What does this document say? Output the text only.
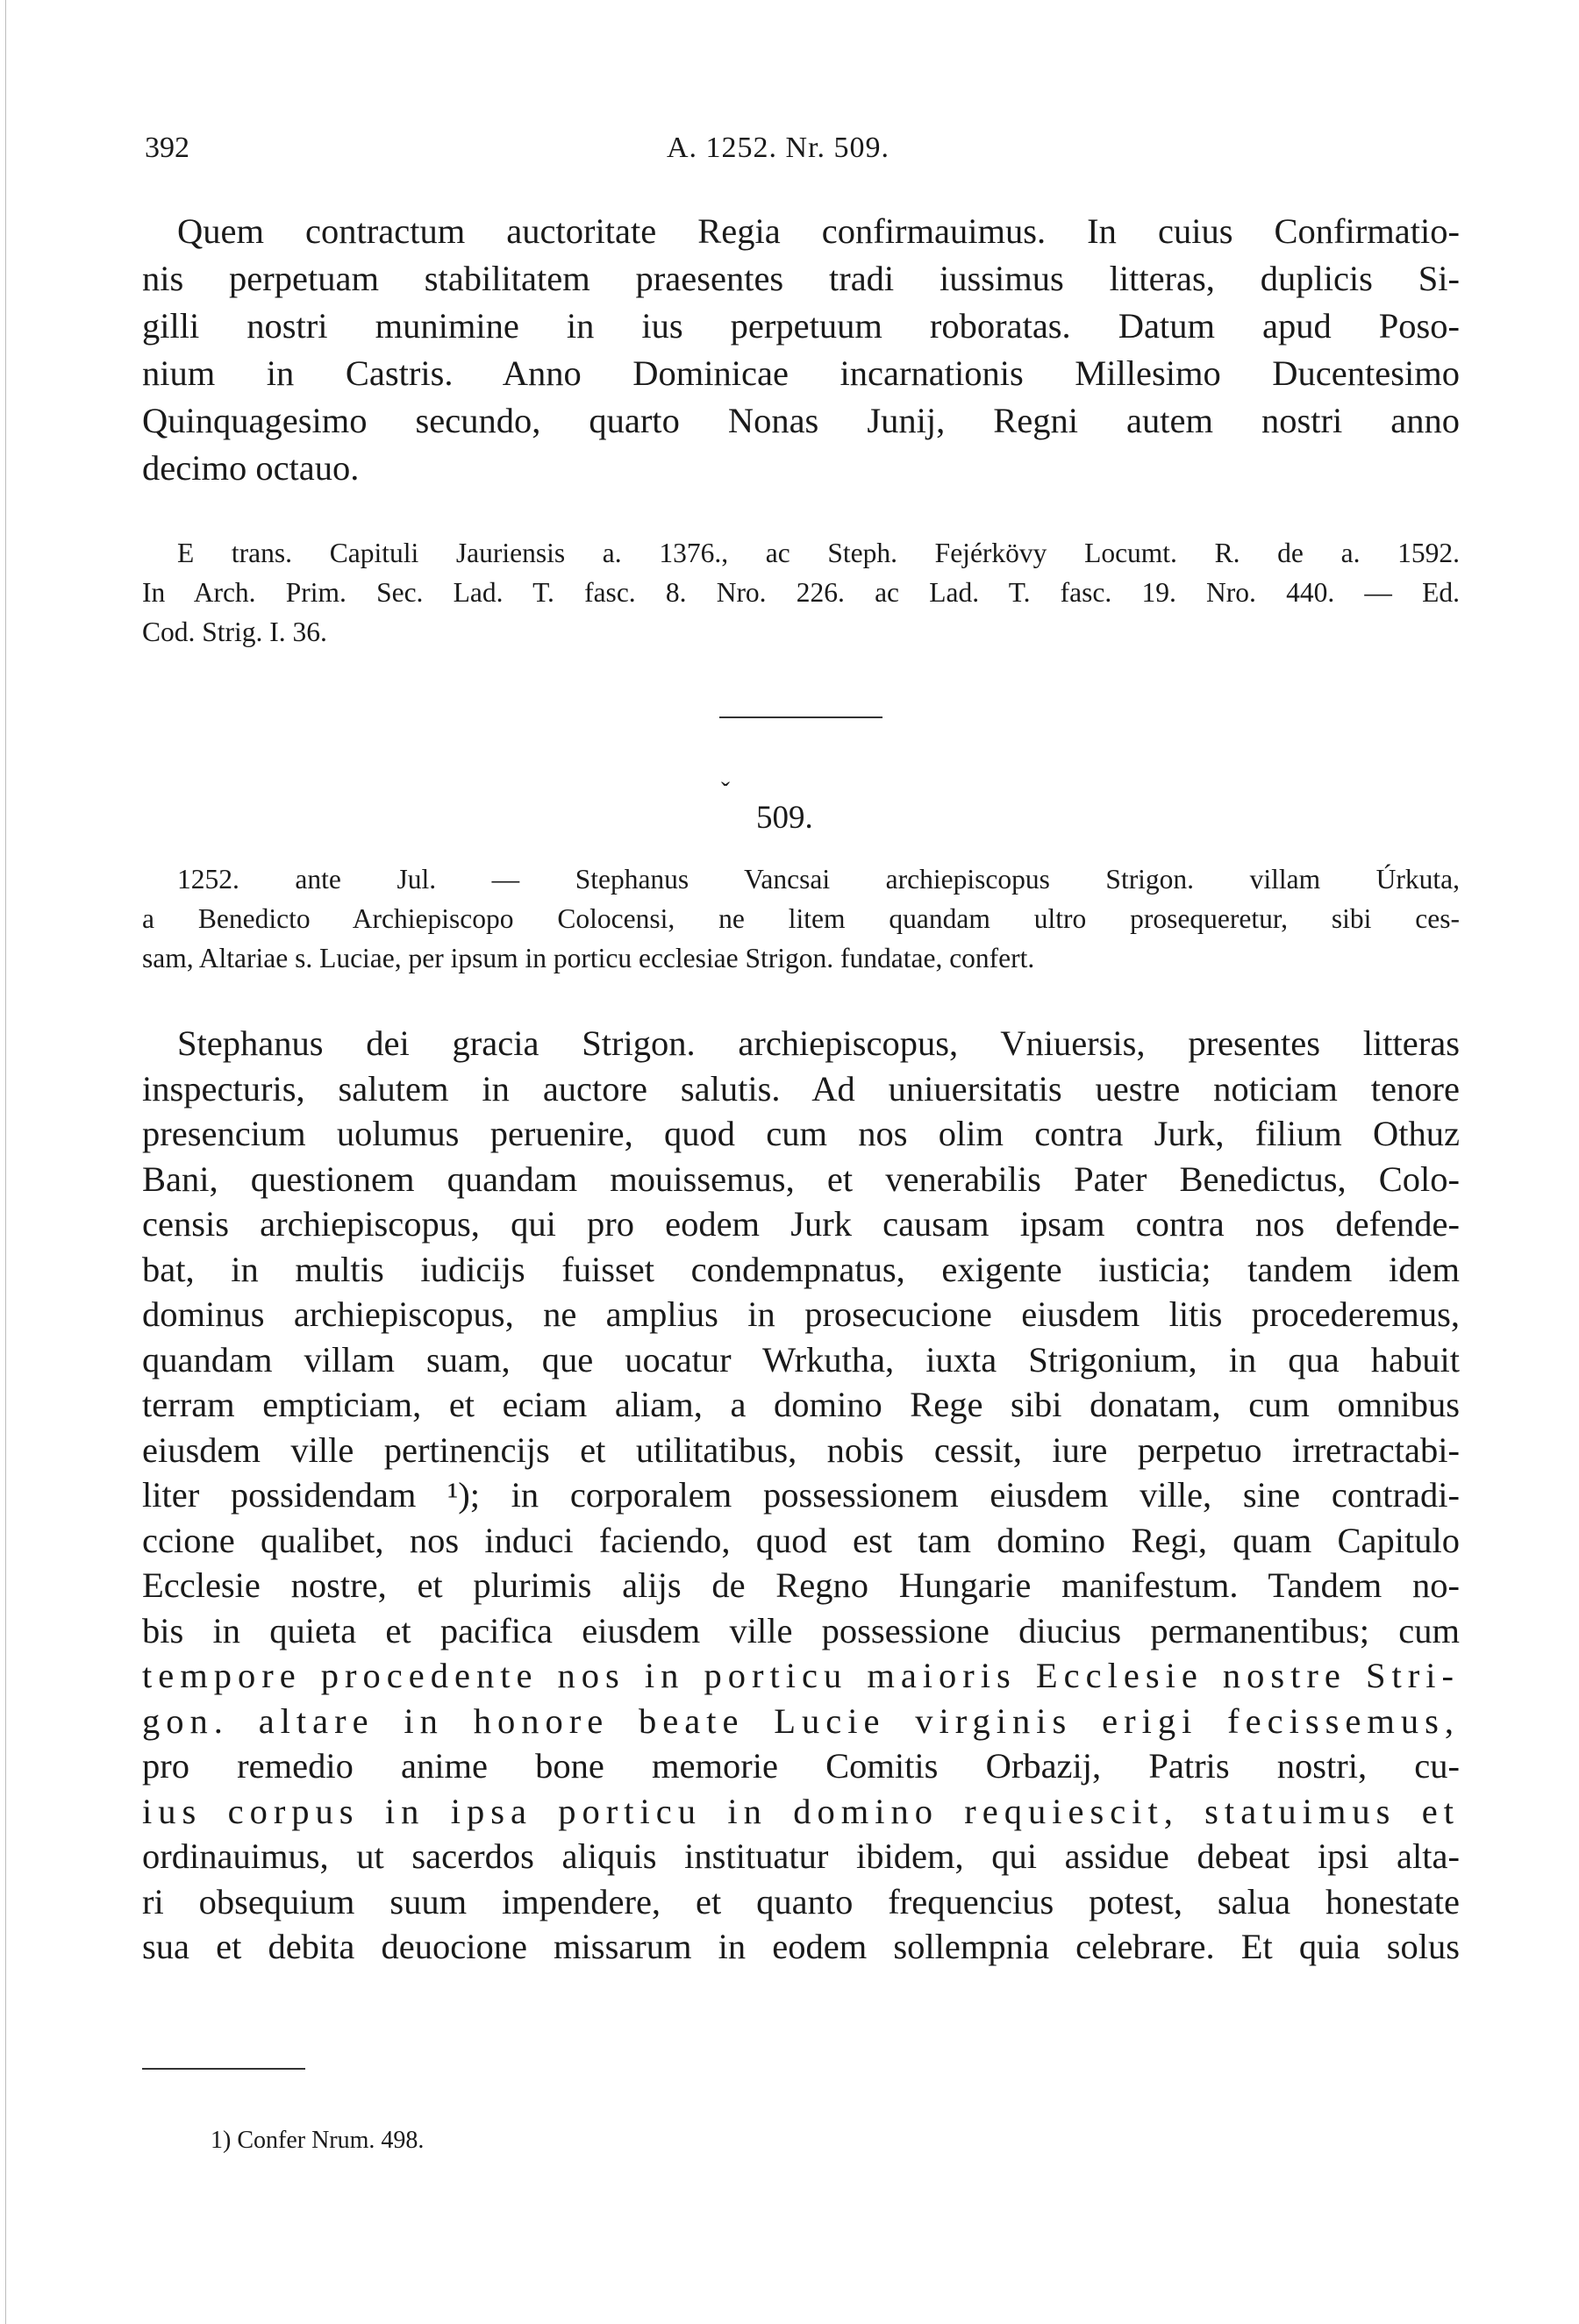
392	A. 1252. Nr. 509.
Quem contractum auctoritate Regia confirmauimus. In cuius Confirmatio-
nis perpetuam stabilitatem praesentes tradi iussimus litteras, duplicis Si-
gilli nostri munimine in ius perpetuum roboratas. Datum apud Poso-
nium in Castris. Anno Dominicae incarnationis Millesimo Ducentesimo
Quinquagesimo secundo, quarto Nonas Junij, Regni autem nostri anno
decimo octauo.
E trans. Capituli Jauriensis a. 1376., ac Steph. Fejérkövy Locumt. R. de a. 1592.
In Arch. Prim. Sec. Lad. T. fasc. 8. Nro. 226. ac Lad. T. fasc. 19. Nro. 440. — Ed.
Cod. Strig. I. 36.
ˇ
509.
1252. ante Jul. — Stephanus Vancsai archiepiscopus Strigon. villam Úrkuta,
a Benedicto Archiepiscopo Colocensi, ne litem quandam ultro prosequeretur, sibi ces-
sam, Altariae s. Luciae, per ipsum in porticu ecclesiae Strigon. fundatae, confert.
Stephanus dei gracia Strigon. archiepiscopus, Vniuersis, presentes litteras
inspecturis, salutem in auctore salutis. Ad uniuersitatis uestre noticiam tenore
presencium uolumus peruenire, quod cum nos olim contra Jurk, filium Othuz
Bani, questionem quandam mouissemus, et venerabilis Pater Benedictus, Colo-
censis archiepiscopus, qui pro eodem Jurk causam ipsam contra nos defende-
bat, in multis iudicijs fuisset condempnatus, exigente iusticia; tandem idem
dominus archiepiscopus, ne amplius in prosecucione eiusdem litis procederemus,
quandam villam suam, que uocatur Wrkutha, iuxta Strigonium, in qua habuit
terram empticiam, et eciam aliam, a domino Rege sibi donatam, cum omnibus
eiusdem ville pertinencijs et utilitatibus, nobis cessit, iure perpetuo irretractabi-
liter possidendam ¹); in corporalem possessionem eiusdem ville, sine contradi-
ccione qualibet, nos induci faciendo, quod est tam domino Regi, quam Capitulo
Ecclesie nostre, et plurimis alijs de Regno Hungarie manifestum. Tandem no-
bis in quieta et pacifica eiusdem ville possessione diucius permanentibus; cum
tempore procedente nos in porticu maioris Ecclesie nostre Stri-
gon. altare in honore beate Lucie virginis erigi fecissemus,
pro remedio anime bone memorie Comitis Orbazij, Patris nostri, cu-
ius corpus in ipsa porticu in domino requiescit, statuimus et
ordinauimus, ut sacerdos aliquis instituatur ibidem, qui assidue debeat ipsi alta-
ri obsequium suum impendere, et quanto frequencius potest, salua honestate
sua et debita deuocione missarum in eodem sollempnia celebrare. Et quia solus
1) Confer Nrum. 498.
